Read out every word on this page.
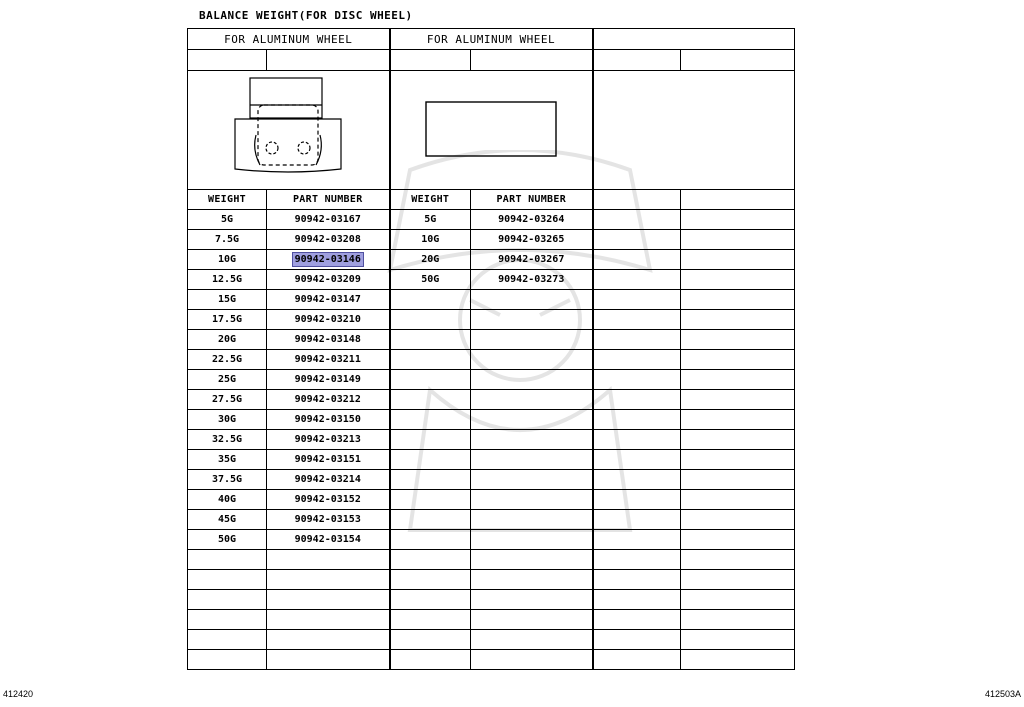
BALANCE WEIGHT(FOR DISC WHEEL)
FOR ALUMINUM WHEEL		FOR ALUMINUM WHEEL			

WEIGHT	PART NUMBER	WEIGHT	PART NUMBER		
5G	90942-03167	5G	90942-03264		
7.5G	90942-03208	10G	90942-03265		
10G	90942-03146	20G	90942-03267		
12.5G	90942-03209	50G	90942-03273		
15G	90942-03147				
17.5G	90942-03210				
20G	90942-03148				
22.5G	90942-03211				
25G	90942-03149				
27.5G	90942-03212				
30G	90942-03150				
32.5G	90942-03213				
35G	90942-03151				
37.5G	90942-03214				
40G	90942-03152				
45G	90942-03153				
50G	90942-03154				

412420	412503A
